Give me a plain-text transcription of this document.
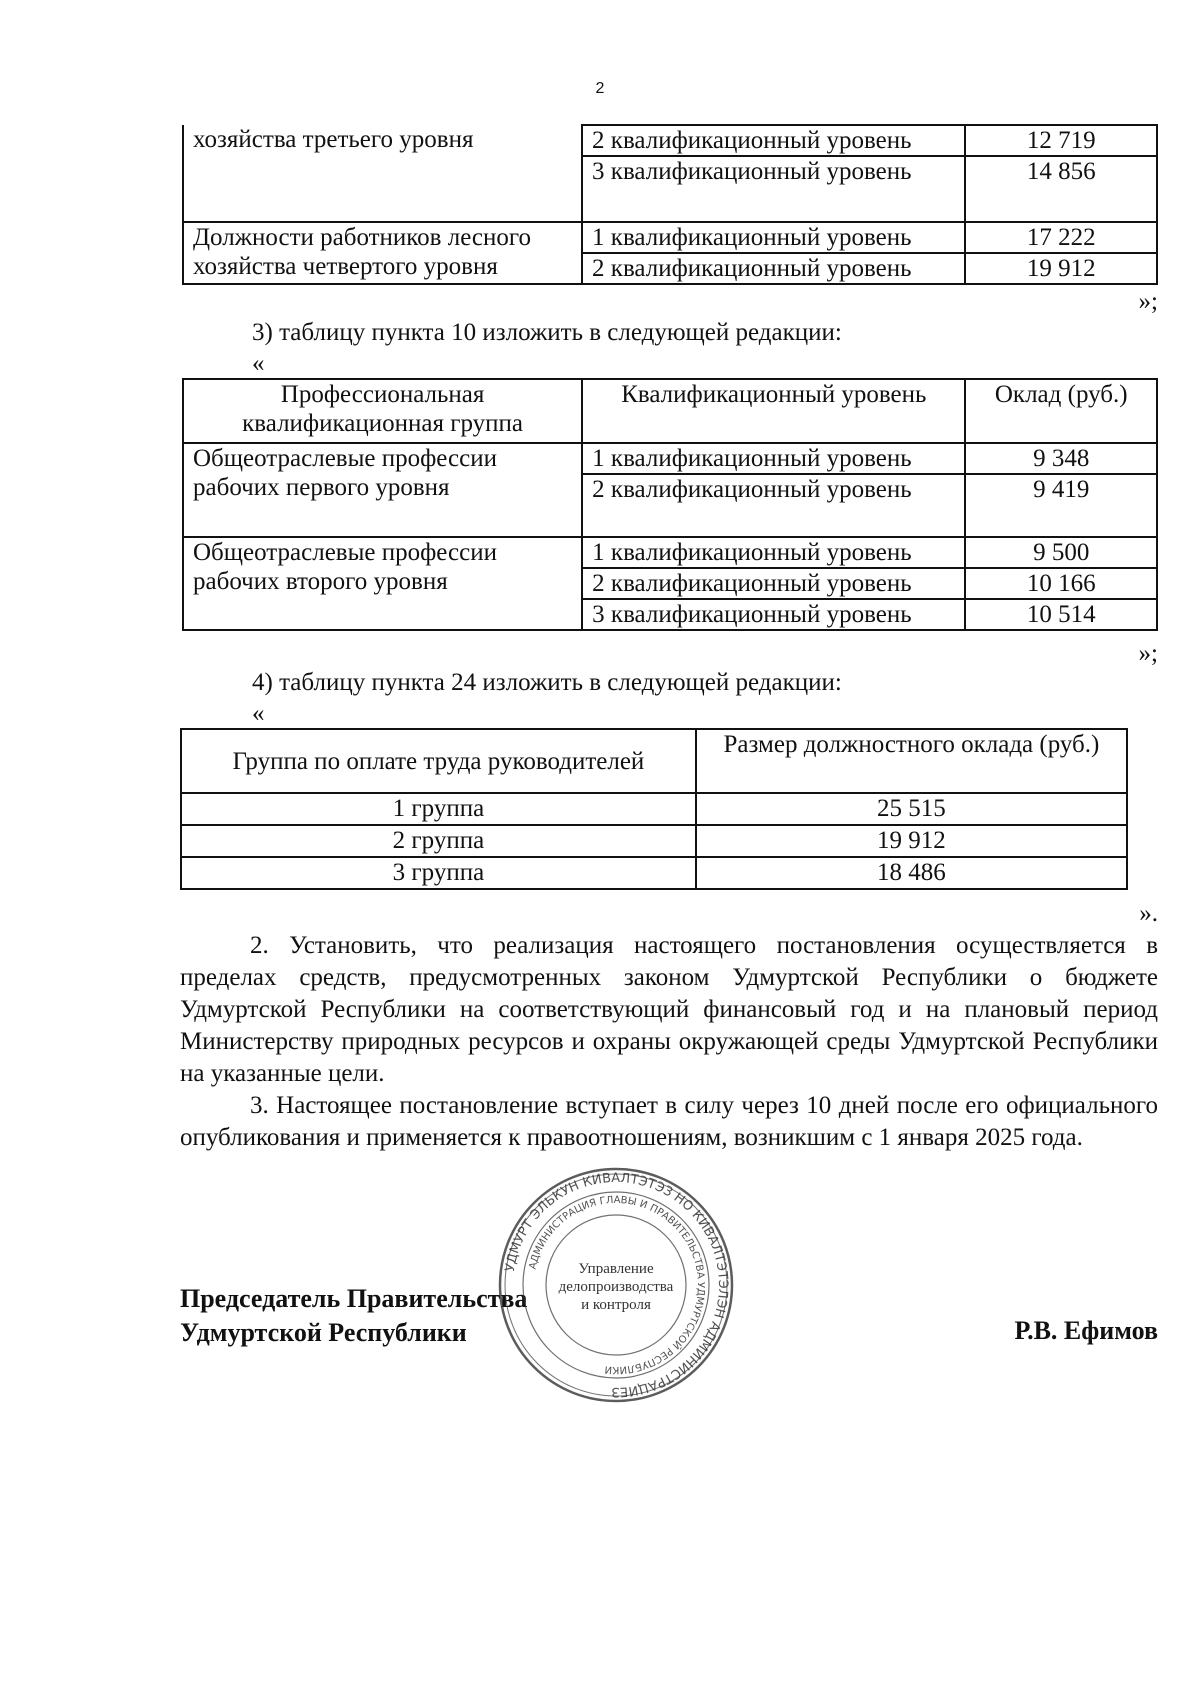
2
хозяйства третьего уровня	2 квалификационный уровень	12 719
	3 квалификационный уровень	14 856
Должности работников лесного хозяйства четвертого уровня	1 квалификационный уровень	17 222
	2 квалификационный уровень	19 912
»;
3) таблицу пункта 10 изложить в следующей редакции:
«
Профессиональная квалификационная группа	Квалификационный уровень	Оклад (руб.)
Общеотраслевые профессии рабочих первого уровня	1 квалификационный уровень	9 348
	2 квалификационный уровень	9 419
Общеотраслевые профессии рабочих второго уровня	1 квалификационный уровень	9 500
	2 квалификационный уровень	10 166
	3 квалификационный уровень	10 514
»;
4) таблицу пункта 24 изложить в следующей редакции:
«
Группа по оплате труда руководителей	Размер должностного оклада (руб.)
1 группа	25 515
2 группа	19 912
3 группа	18 486
».

2. Установить, что реализация настоящего постановления осуществляется в пределах средств, предусмотренных законом Удмуртской Республики о бюджете Удмуртской Республики на соответствующий финансовый год и на плановый период Министерству природных ресурсов и охраны окружающей среды Удмуртской Республики на указанные цели.

3. Настоящее постановление вступает в силу через 10 дней после его официального опубликования и применяется к правоотношениям, возникшим с 1 января 2025 года.

Председатель Правительства
Удмуртской Республики	Р.В. Ефимов
УДМУРТ ЭЛЬКУН КИВАЛТЭТЭЗ НО КИВАЛТЭТЭЛЭН АДМИНИСТРАЦИЕЗ
АДМИНИСТРАЦИЯ ГЛАВЫ И ПРАВИТЕЛЬСТВА УДМУРТСКОЙ РЕСПУБЛИКИ
Управление
делопроизводства
и контроля
